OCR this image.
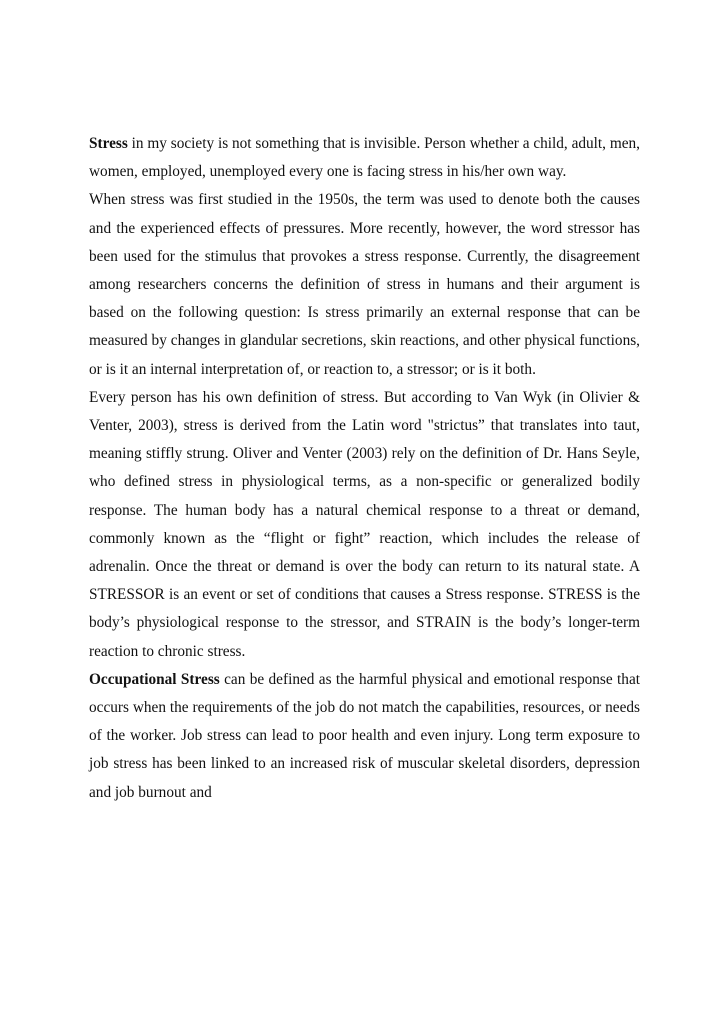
Stress in my society is not something that is invisible. Person whether a child, adult, men, women, employed, unemployed every one is facing stress in his/her own way.

When stress was first studied in the 1950s, the term was used to denote both the causes and the experienced effects of pressures. More recently, however, the word stressor has been used for the stimulus that provokes a stress response. Currently, the disagreement among researchers concerns the definition of stress in humans and their argument is based on the following question: Is stress primarily an external response that can be measured by changes in glandular secretions, skin reactions, and other physical functions, or is it an internal interpretation of, or reaction to, a stressor; or is it both.

Every person has his own definition of stress. But according to Van Wyk (in Olivier & Venter, 2003), stress is derived from the Latin word "strictus” that translates into taut, meaning stiffly strung. Oliver and Venter (2003) rely on the definition of Dr. Hans Seyle, who defined stress in physiological terms, as a non-specific or generalized bodily response. The human body has a natural chemical response to a threat or demand, commonly known as the “flight or fight” reaction, which includes the release of adrenalin. Once the threat or demand is over the body can return to its natural state. A STRESSOR is an event or set of conditions that causes a Stress response. STRESS is the body’s physiological response to the stressor, and STRAIN is the body’s longer-term reaction to chronic stress.

Occupational Stress can be defined as the harmful physical and emotional response that occurs when the requirements of the job do not match the capabilities, resources, or needs of the worker. Job stress can lead to poor health and even injury. Long term exposure to job stress has been linked to an increased risk of muscular skeletal disorders, depression and job burnout and
